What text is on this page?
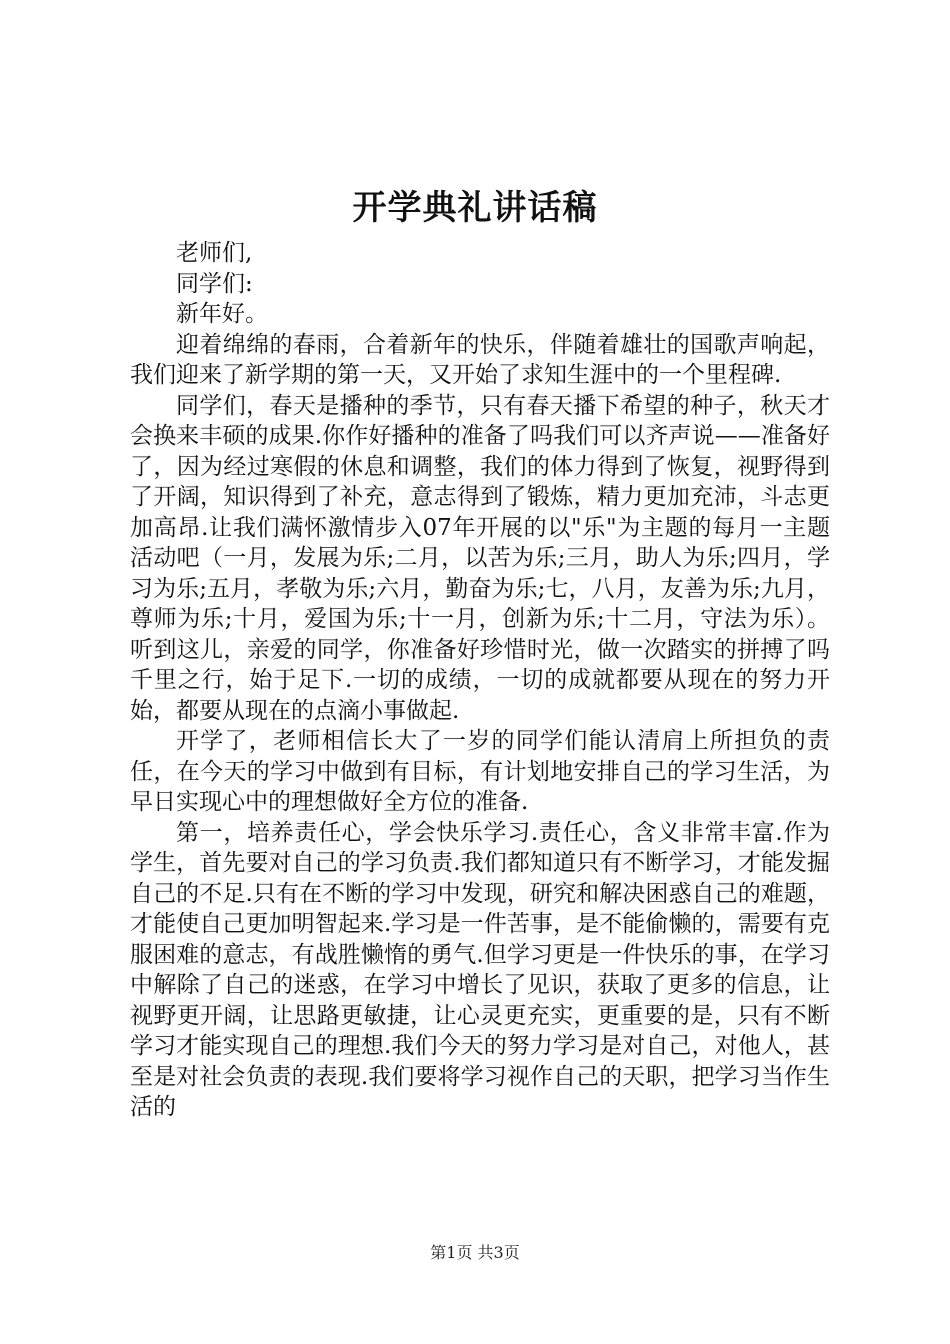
开学典礼讲话稿

老师们,

同学们:

新年好。

迎着绵绵的春雨，合着新年的快乐，伴随着雄壮的国歌声响起，我们迎来了新学期的第一天，又开始了求知生涯中的一个里程碑.

同学们，春天是播种的季节，只有春天播下希望的种子，秋天才会换来丰硕的成果.你作好播种的准备了吗我们可以齐声说——准备好了，因为经过寒假的休息和调整，我们的体力得到了恢复，视野得到了开阔，知识得到了补充，意志得到了锻炼，精力更加充沛，斗志更加高昂.让我们满怀激情步入07年开展的以"乐"为主题的每月一主题活动吧（一月，发展为乐;二月，以苦为乐;三月，助人为乐;四月，学习为乐;五月，孝敬为乐;六月，勤奋为乐;七，八月，友善为乐;九月，尊师为乐;十月，爱国为乐;十一月，创新为乐;十二月，守法为乐）。听到这儿，亲爱的同学，你准备好珍惜时光，做一次踏实的拼搏了吗千里之行，始于足下.一切的成绩，一切的成就都要从现在的努力开始，都要从现在的点滴小事做起.

开学了，老师相信长大了一岁的同学们能认清肩上所担负的责任，在今天的学习中做到有目标，有计划地安排自己的学习生活，为早日实现心中的理想做好全方位的准备.

第一，培养责任心，学会快乐学习.责任心，含义非常丰富.作为学生，首先要对自己的学习负责.我们都知道只有不断学习，才能发掘自己的不足.只有在不断的学习中发现，研究和解决困惑自己的难题，才能使自己更加明智起来.学习是一件苦事，是不能偷懒的，需要有克服困难的意志，有战胜懒惰的勇气.但学习更是一件快乐的事，在学习中解除了自己的迷惑，在学习中增长了见识，获取了更多的信息，让视野更开阔，让思路更敏捷，让心灵更充实，更重要的是，只有不断学习才能实现自己的理想.我们今天的努力学习是对自己，对他人，甚至是对社会负责的表现.我们要将学习视作自己的天职，把学习当作生活的

第1页 共3页
